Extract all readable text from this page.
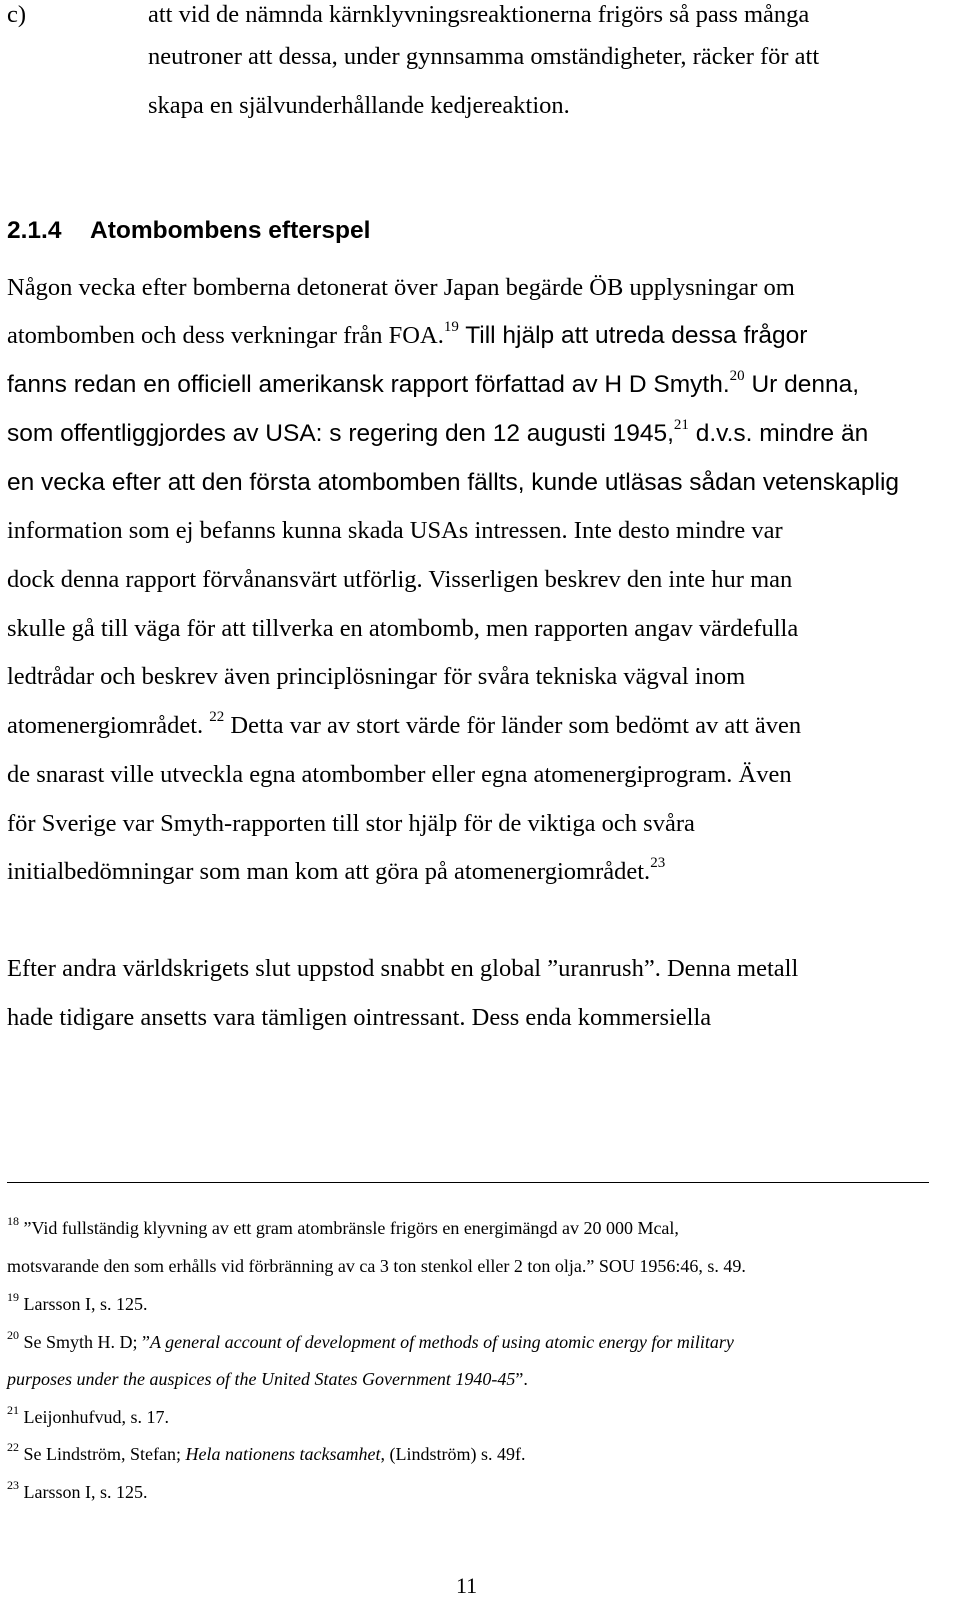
c)	att vid de nämnda kärnklyvningsreaktionerna frigörs så pass många
neutroner att dessa, under gynnsamma omständigheter, räcker för att
skapa en självunderhållande kedjereaktion.
2.1.4 Atombombens efterspel
Någon vecka efter bomberna detonerat över Japan begärde ÖB upplysningar om
atombomben och dess verkningar från FOA.$^{19}$ Till hjälp att utreda dessa frågor
fanns redan en officiell amerikansk rapport författad av H D Smyth.$^{20}$ Ur denna,
som offentliggjordes av USA: s regering den 12 augusti 1945,21 d.v.s. mindre än
en vecka efter att den första atombomben fällts, kunde utläsas sådan vetenskaplig
information som ej befanns kunna skada USAs intressen. Inte desto mindre var
dock denna rapport förvånansvärt utförlig. Visserligen beskrev den inte hur man
skulle gå till väga för att tillverka en atombomb, men rapporten angav värdefulla
ledtrådar och beskrev även principlösningar för svåra tekniska vägval inom
atomenergiområdet. $^{22}$ Detta var av stort värde för länder som bedömt av att även
de snarast ville utveckla egna atombomber eller egna atomenergiprogram. Även
för Sverige var Smyth-rapporten till stor hjälp för de viktiga och svåra
initialbedömningar som man kom att göra på atomenergiområdet.$^{23}$
Efter andra världskrigets slut uppstod snabbt en global ”uranrush”. Denna metall
hade tidigare ansetts vara tämligen ointressant. Dess enda kommersiella
$^{18}$ ”Vid fullständig klyvning av ett gram atombränsle frigörs en energimängd av 20 000 Mcal,
motsvarande den som erhålls vid förbränning av ca 3 ton stenkol eller 2 ton olja.” SOU 1956:46, s. 49.
$^{19}$ Larsson I, s. 125.
$^{20}$ Se Smyth H. D; ”A general account of development of methods of using atomic energy for military
purposes under the auspices of the United States Government 1940-45”.
$^{21}$ Leijonhufvud, s. 17.
$^{22}$ Se Lindström, Stefan; Hela nationens tacksamhet, (Lindström) s. 49f.
$^{23}$ Larsson I, s. 125.
11
